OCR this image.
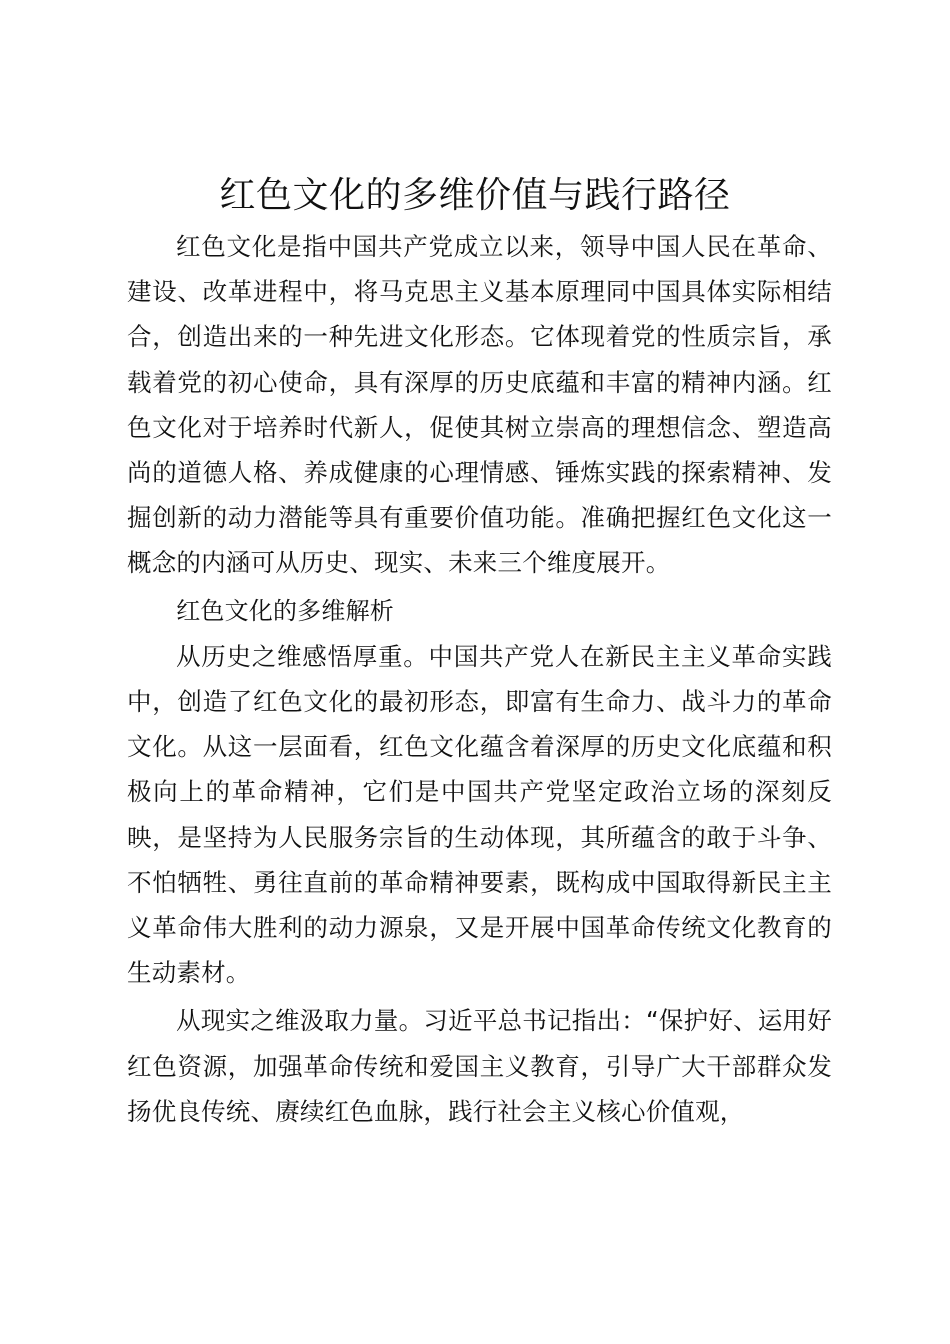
红色文化的多维价值与践行路径

红色文化是指中国共产党成立以来，领导中国人民在革命、建设、改革进程中，将马克思主义基本原理同中国具体实际相结合，创造出来的一种先进文化形态。它体现着党的性质宗旨，承载着党的初心使命，具有深厚的历史底蕴和丰富的精神内涵。红色文化对于培养时代新人，促使其树立崇高的理想信念、塑造高尚的道德人格、养成健康的心理情感、锤炼实践的探索精神、发掘创新的动力潜能等具有重要价值功能。准确把握红色文化这一概念的内涵可从历史、现实、未来三个维度展开。

红色文化的多维解析

从历史之维感悟厚重。中国共产党人在新民主主义革命实践中，创造了红色文化的最初形态，即富有生命力、战斗力的革命文化。从这一层面看，红色文化蕴含着深厚的历史文化底蕴和积极向上的革命精神，它们是中国共产党坚定政治立场的深刻反映，是坚持为人民服务宗旨的生动体现，其所蕴含的敢于斗争、不怕牺牲、勇往直前的革命精神要素，既构成中国取得新民主主义革命伟大胜利的动力源泉，又是开展中国革命传统文化教育的生动素材。

从现实之维汲取力量。习近平总书记指出：“保护好、运用好红色资源，加强革命传统和爱国主义教育，引导广大干部群众发扬优良传统、赓续红色血脉，践行社会主义核心价值观，
